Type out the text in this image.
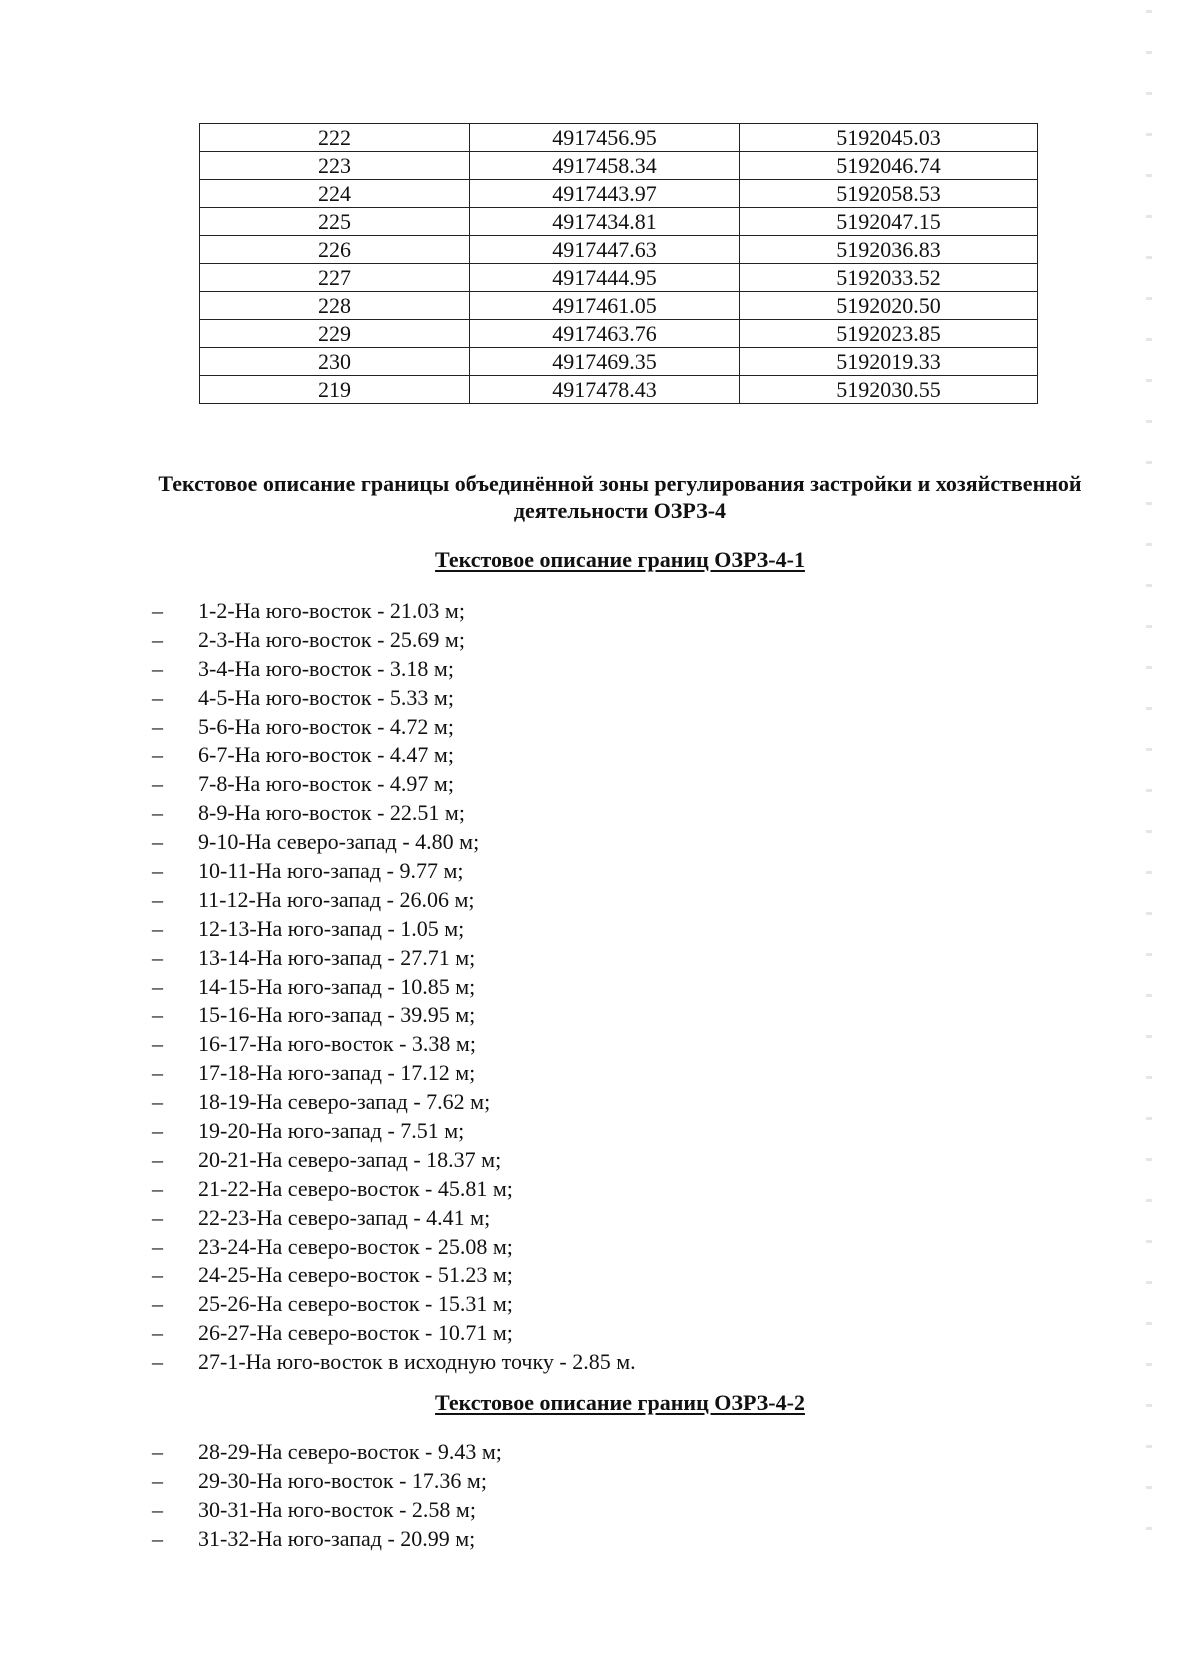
222	4917456.95	5192045.03
223	4917458.34	5192046.74
224	4917443.97	5192058.53
225	4917434.81	5192047.15
226	4917447.63	5192036.83
227	4917444.95	5192033.52
228	4917461.05	5192020.50
229	4917463.76	5192023.85
230	4917469.35	5192019.33
219	4917478.43	5192030.55
Текстовое описание границы объединённой зоны регулирования застройки и хозяйственной деятельности ОЗРЗ-4
Текстовое описание границ ОЗРЗ-4-1
– 1-2-На юго-восток - 21.03 м;
– 2-3-На юго-восток - 25.69 м;
– 3-4-На юго-восток - 3.18 м;
– 4-5-На юго-восток - 5.33 м;
– 5-6-На юго-восток - 4.72 м;
– 6-7-На юго-восток - 4.47 м;
– 7-8-На юго-восток - 4.97 м;
– 8-9-На юго-восток - 22.51 м;
– 9-10-На северо-запад - 4.80 м;
– 10-11-На юго-запад - 9.77 м;
– 11-12-На юго-запад - 26.06 м;
– 12-13-На юго-запад - 1.05 м;
– 13-14-На юго-запад - 27.71 м;
– 14-15-На юго-запад - 10.85 м;
– 15-16-На юго-запад - 39.95 м;
– 16-17-На юго-восток - 3.38 м;
– 17-18-На юго-запад - 17.12 м;
– 18-19-На северо-запад - 7.62 м;
– 19-20-На юго-запад - 7.51 м;
– 20-21-На северо-запад - 18.37 м;
– 21-22-На северо-восток - 45.81 м;
– 22-23-На северо-запад - 4.41 м;
– 23-24-На северо-восток - 25.08 м;
– 24-25-На северо-восток - 51.23 м;
– 25-26-На северо-восток - 15.31 м;
– 26-27-На северо-восток - 10.71 м;
– 27-1-На юго-восток в исходную точку - 2.85 м.
Текстовое описание границ ОЗРЗ-4-2
– 28-29-На северо-восток - 9.43 м;
– 29-30-На юго-восток - 17.36 м;
– 30-31-На юго-восток - 2.58 м;
– 31-32-На юго-запад - 20.99 м;
